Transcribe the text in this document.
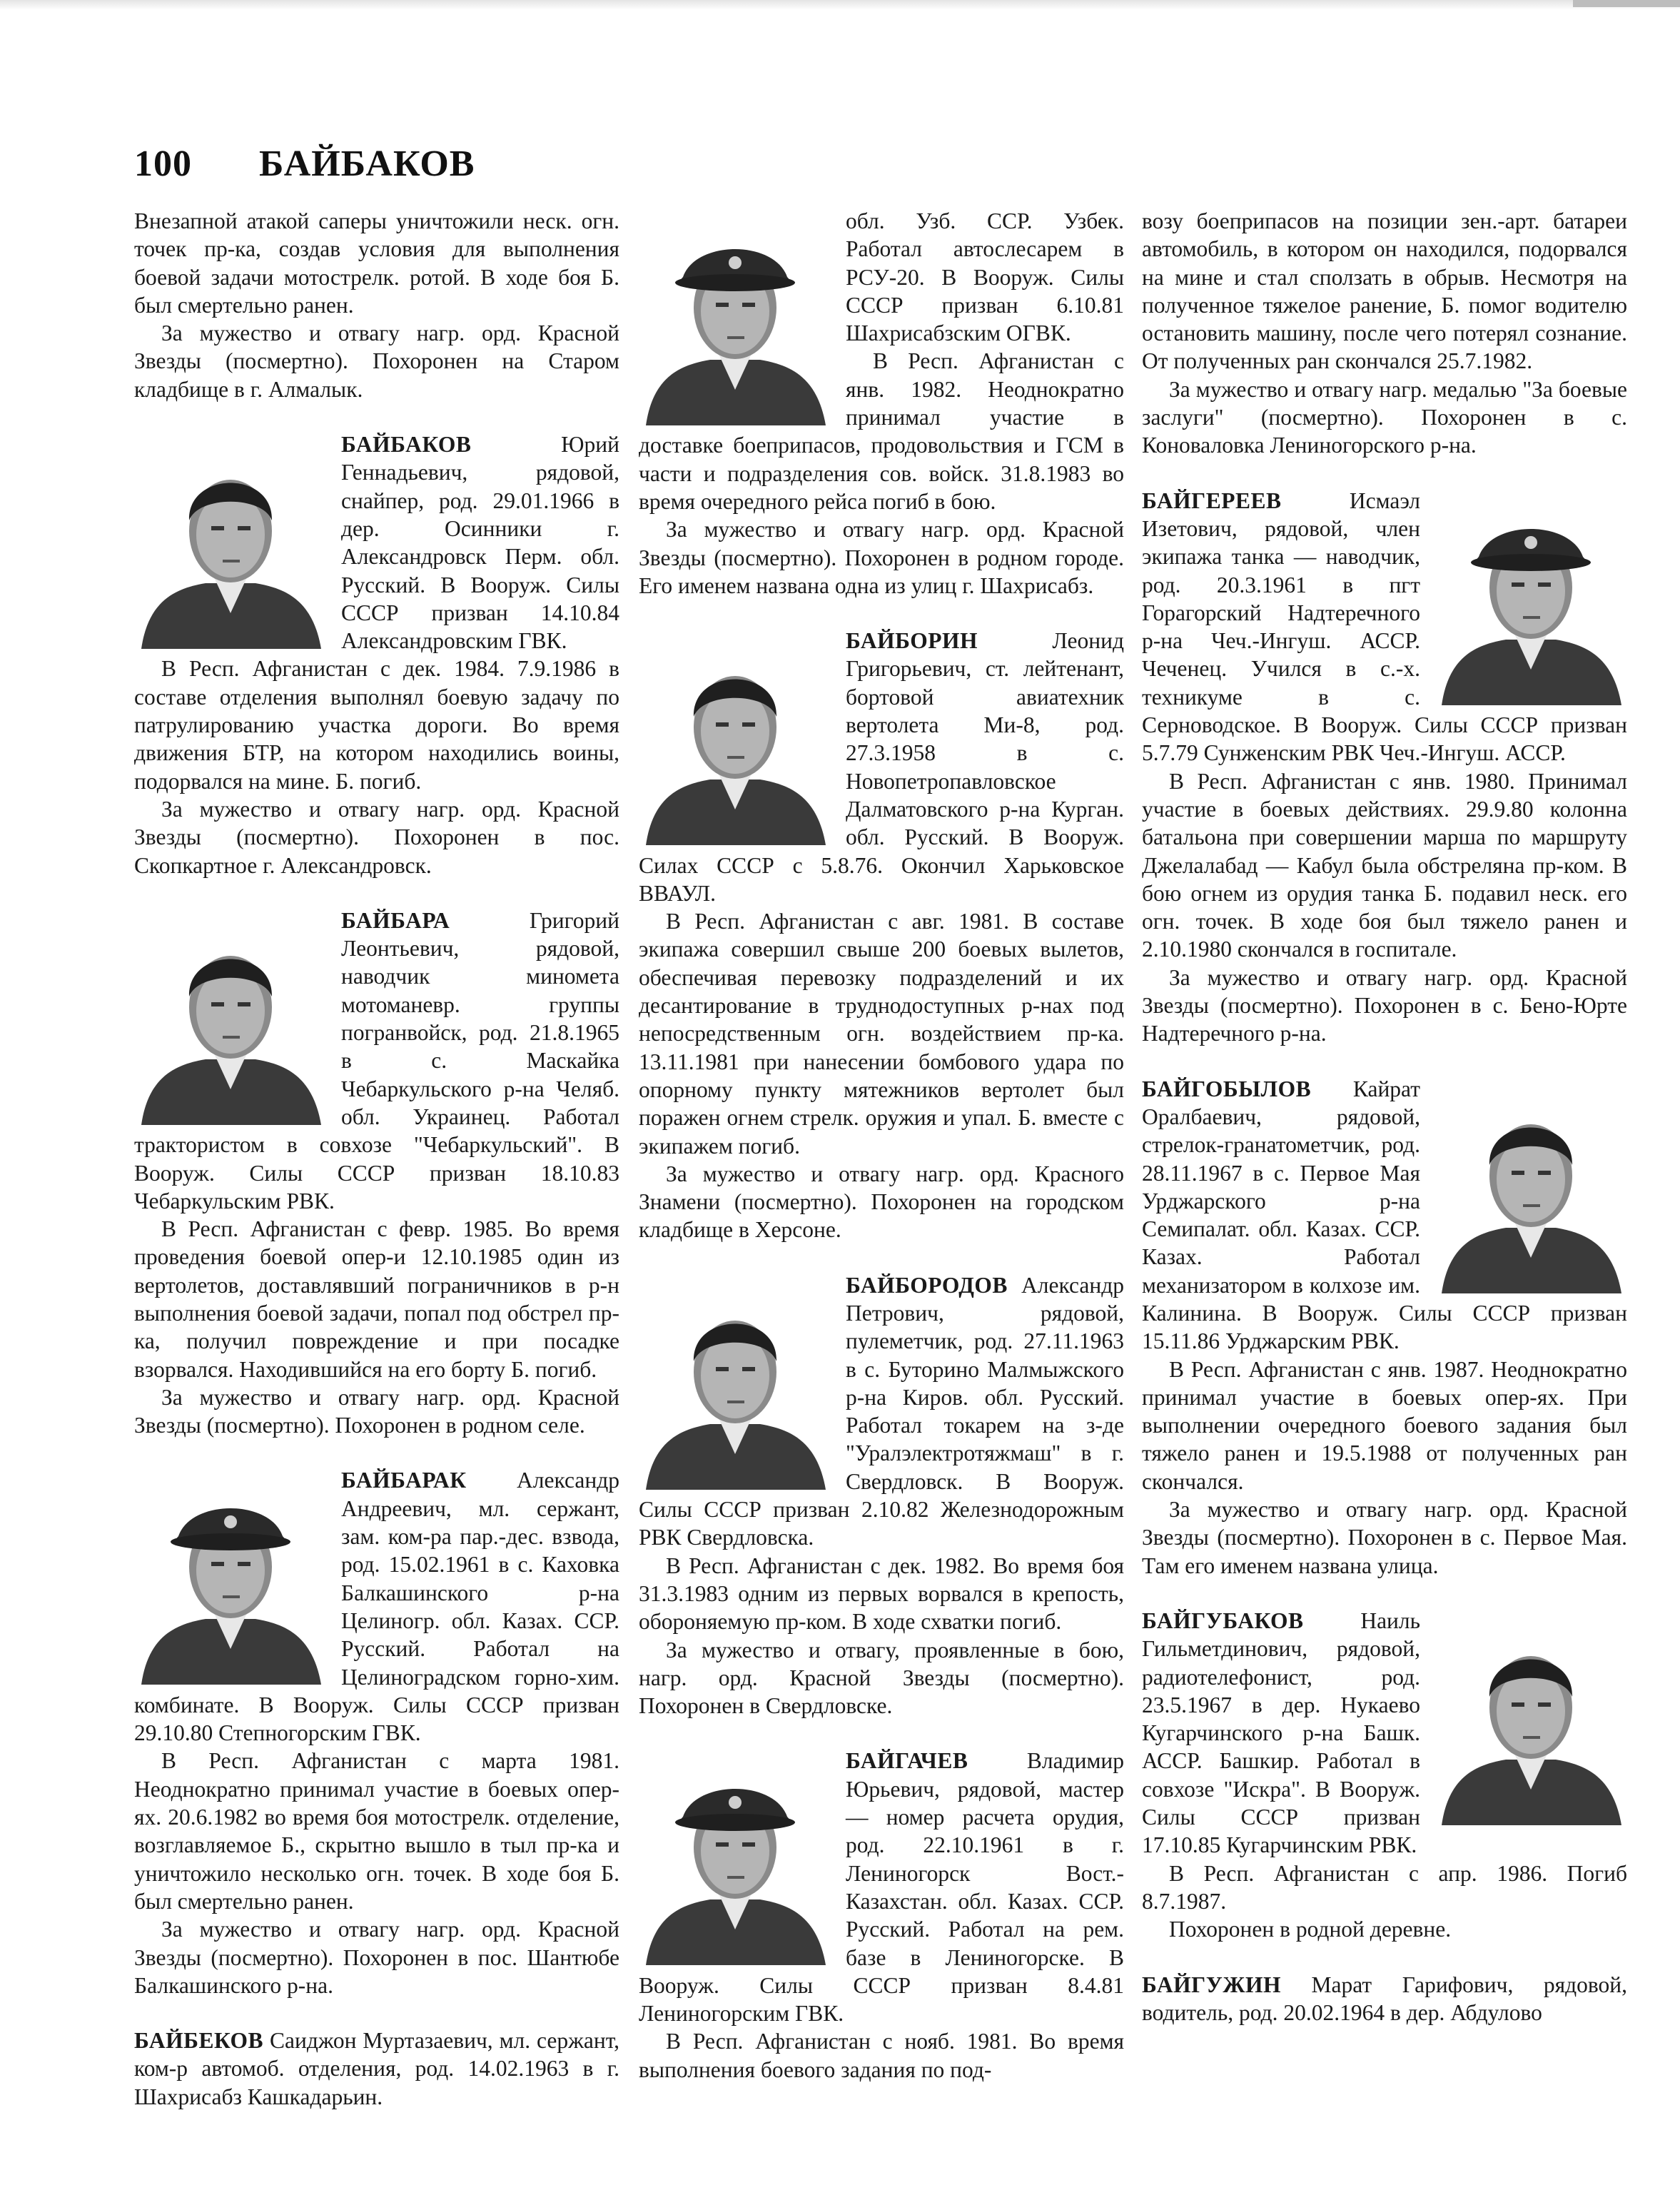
100 БАЙБАКОВ

Внезапной атакой саперы уничтожили неск. огн. точек пр-ка, создав условия для выполнения боевой задачи мотострелк. ротой. В ходе боя Б. был смертельно ранен.

За мужество и отвагу нагр. орд. Красной Звезды (посмертно). Похоронен на Старом кладбище в г. Алмалык.

БАЙБАКОВ Юрий Геннадьевич, рядовой, снайпер, род. 29.01.1966 в дер. Осинники г. Александровск Перм. обл. Русский. В Вооруж. Силы СССР призван 14.10.84 Александровским ГВК.

В Респ. Афганистан с дек. 1984. 7.9.1986 в составе отделения выполнял боевую задачу по патрулированию участка дороги. Во время движения БТР, на котором находились воины, подорвался на мине. Б. погиб.

За мужество и отвагу нагр. орд. Красной Звезды (посмертно). Похоронен в пос. Скопкартное г. Александровск.

БАЙБАРА Григорий Леонтьевич, рядовой, наводчик миномета мотоманевр. группы погранвойск, род. 21.8.1965 в с. Маскайка Чебаркульского р-на Челяб. обл. Украинец. Работал трактористом в совхозе "Чебаркульский". В Вооруж. Силы СССР призван 18.10.83 Чебаркульским РВК.

В Респ. Афганистан с февр. 1985. Во время проведения боевой опер-и 12.10.1985 один из вертолетов, доставлявший пограничников в р-н выполнения боевой задачи, попал под обстрел пр-ка, получил повреждение и при посадке взорвался. Находившийся на его борту Б. погиб.

За мужество и отвагу нагр. орд. Красной Звезды (посмертно). Похоронен в родном селе.

БАЙБАРАК Александр Андреевич, мл. сержант, зам. ком-ра пар.-дес. взвода, род. 15.02.1961 в с. Каховка Балкашинского р-на Целиногр. обл. Казах. ССР. Русский. Работал на Целиноградском горно-хим. комбинате. В Вооруж. Силы СССР призван 29.10.80 Степногорским ГВК.

В Респ. Афганистан с марта 1981. Неоднократно принимал участие в боевых опер-ях. 20.6.1982 во время боя мотострелк. отделение, возглавляемое Б., скрытно вышло в тыл пр-ка и уничтожило несколько огн. точек. В ходе боя Б. был смертельно ранен.

За мужество и отвагу нагр. орд. Красной Звезды (посмертно). Похоронен в пос. Шантюбе Балкашинского р-на.

БАЙБЕКОВ Саиджон Муртазаевич, мл. сержант, ком-р автомоб. отделения, род. 14.02.1963 в г. Шахрисабз Кашкадарьин.

обл. Узб. ССР. Узбек. Работал автослесарем в РСУ-20. В Вооруж. Силы СССР призван 6.10.81 Шахрисабзским ОГВК.

В Респ. Афганистан с янв. 1982. Неоднократно принимал участие в доставке боеприпасов, продовольствия и ГСМ в части и подразделения сов. войск. 31.8.1983 во время очередного рейса погиб в бою.

За мужество и отвагу нагр. орд. Красной Звезды (посмертно). Похоронен в родном городе. Его именем названа одна из улиц г. Шахрисабз.

БАЙБОРИН Леонид Григорьевич, ст. лейтенант, бортовой авиатехник вертолета Ми-8, род. 27.3.1958 в с. Новопетропавловское Далматовского р-на Курган. обл. Русский. В Вооруж. Силах СССР с 5.8.76. Окончил Харьковское ВВАУЛ.

В Респ. Афганистан с авг. 1981. В составе экипажа совершил свыше 200 боевых вылетов, обеспечивая перевозку подразделений и их десантирование в труднодоступных р-нах под непосредственным огн. воздействием пр-ка. 13.11.1981 при нанесении бомбового удара по опорному пункту мятежников вертолет был поражен огнем стрелк. оружия и упал. Б. вместе с экипажем погиб.

За мужество и отвагу нагр. орд. Красного Знамени (посмертно). Похоронен на городском кладбище в Херсоне.

БАЙБОРОДОВ Александр Петрович, рядовой, пулеметчик, род. 27.11.1963 в с. Буторино Малмыжского р-на Киров. обл. Русский. Работал токарем на з-де "Уралэлектротяжмаш" в г. Свердловск. В Вооруж. Силы СССР призван 2.10.82 Железнодорожным РВК Свердловска.

В Респ. Афганистан с дек. 1982. Во время боя 31.3.1983 одним из первых ворвался в крепость, обороняемую пр-ком. В ходе схватки погиб.

За мужество и отвагу, проявленные в бою, нагр. орд. Красной Звезды (посмертно). Похоронен в Свердловске.

БАЙГАЧЕВ Владимир Юрьевич, рядовой, мастер — номер расчета орудия, род. 22.10.1961 в г. Лениногорск Вост.-Казахстан. обл. Казах. ССР. Русский. Работал на рем. базе в Лениногорске. В Вооруж. Силы СССР призван 8.4.81 Лениногорским ГВК.

В Респ. Афганистан с нояб. 1981. Во время выполнения боевого задания по под-

возу боеприпасов на позиции зен.-арт. батареи автомобиль, в котором он находился, подорвался на мине и стал сползать в обрыв. Несмотря на полученное тяжелое ранение, Б. помог водителю остановить машину, после чего потерял сознание. От полученных ран скончался 25.7.1982.

За мужество и отвагу нагр. медалью "За боевые заслуги" (посмертно). Похоронен в с. Коноваловка Лениногорского р-на.

БАЙГЕРЕЕВ Исмаэл Изетович, рядовой, член экипажа танка — наводчик, род. 20.3.1961 в пгт Горагорский Надтеречного р-на Чеч.-Ингуш. АССР. Чеченец. Учился в с.-х. техникуме в с. Серноводское. В Вооруж. Силы СССР призван 5.7.79 Сунженским РВК Чеч.-Ингуш. АССР.

В Респ. Афганистан с янв. 1980. Принимал участие в боевых действиях. 29.9.80 колонна батальона при совершении марша по маршруту Джелалабад — Кабул была обстреляна пр-ком. В бою огнем из орудия танка Б. подавил неск. его огн. точек. В ходе боя был тяжело ранен и 2.10.1980 скончался в госпитале.

За мужество и отвагу нагр. орд. Красной Звезды (посмертно). Похоронен в с. Бено-Юрте Надтеречного р-на.

БАЙГОБЫЛОВ Кайрат Оралбаевич, рядовой, стрелок-гранатометчик, род. 28.11.1967 в с. Первое Мая Урджарского р-на Семипалат. обл. Казах. ССР. Казах. Работал механизатором в колхозе им. Калинина. В Вооруж. Силы СССР призван 15.11.86 Урджарским РВК.

В Респ. Афганистан с янв. 1987. Неоднократно принимал участие в боевых опер-ях. При выполнении очередного боевого задания был тяжело ранен и 19.5.1988 от полученных ран скончался.

За мужество и отвагу нагр. орд. Красной Звезды (посмертно). Похоронен в с. Первое Мая. Там его именем названа улица.

БАЙГУБАКОВ Наиль Гильметдинович, рядовой, радиотелефонист, род. 23.5.1967 в дер. Нукаево Кугарчинского р-на Башк. АССР. Башкир. Работал в совхозе "Искра". В Вооруж. Силы СССР призван 17.10.85 Кугарчинским РВК.

В Респ. Афганистан с апр. 1986. Погиб 8.7.1987.

Похоронен в родной деревне.

БАЙГУЖИН Марат Гарифович, рядовой, водитель, род. 20.02.1964 в дер. Абдулово
